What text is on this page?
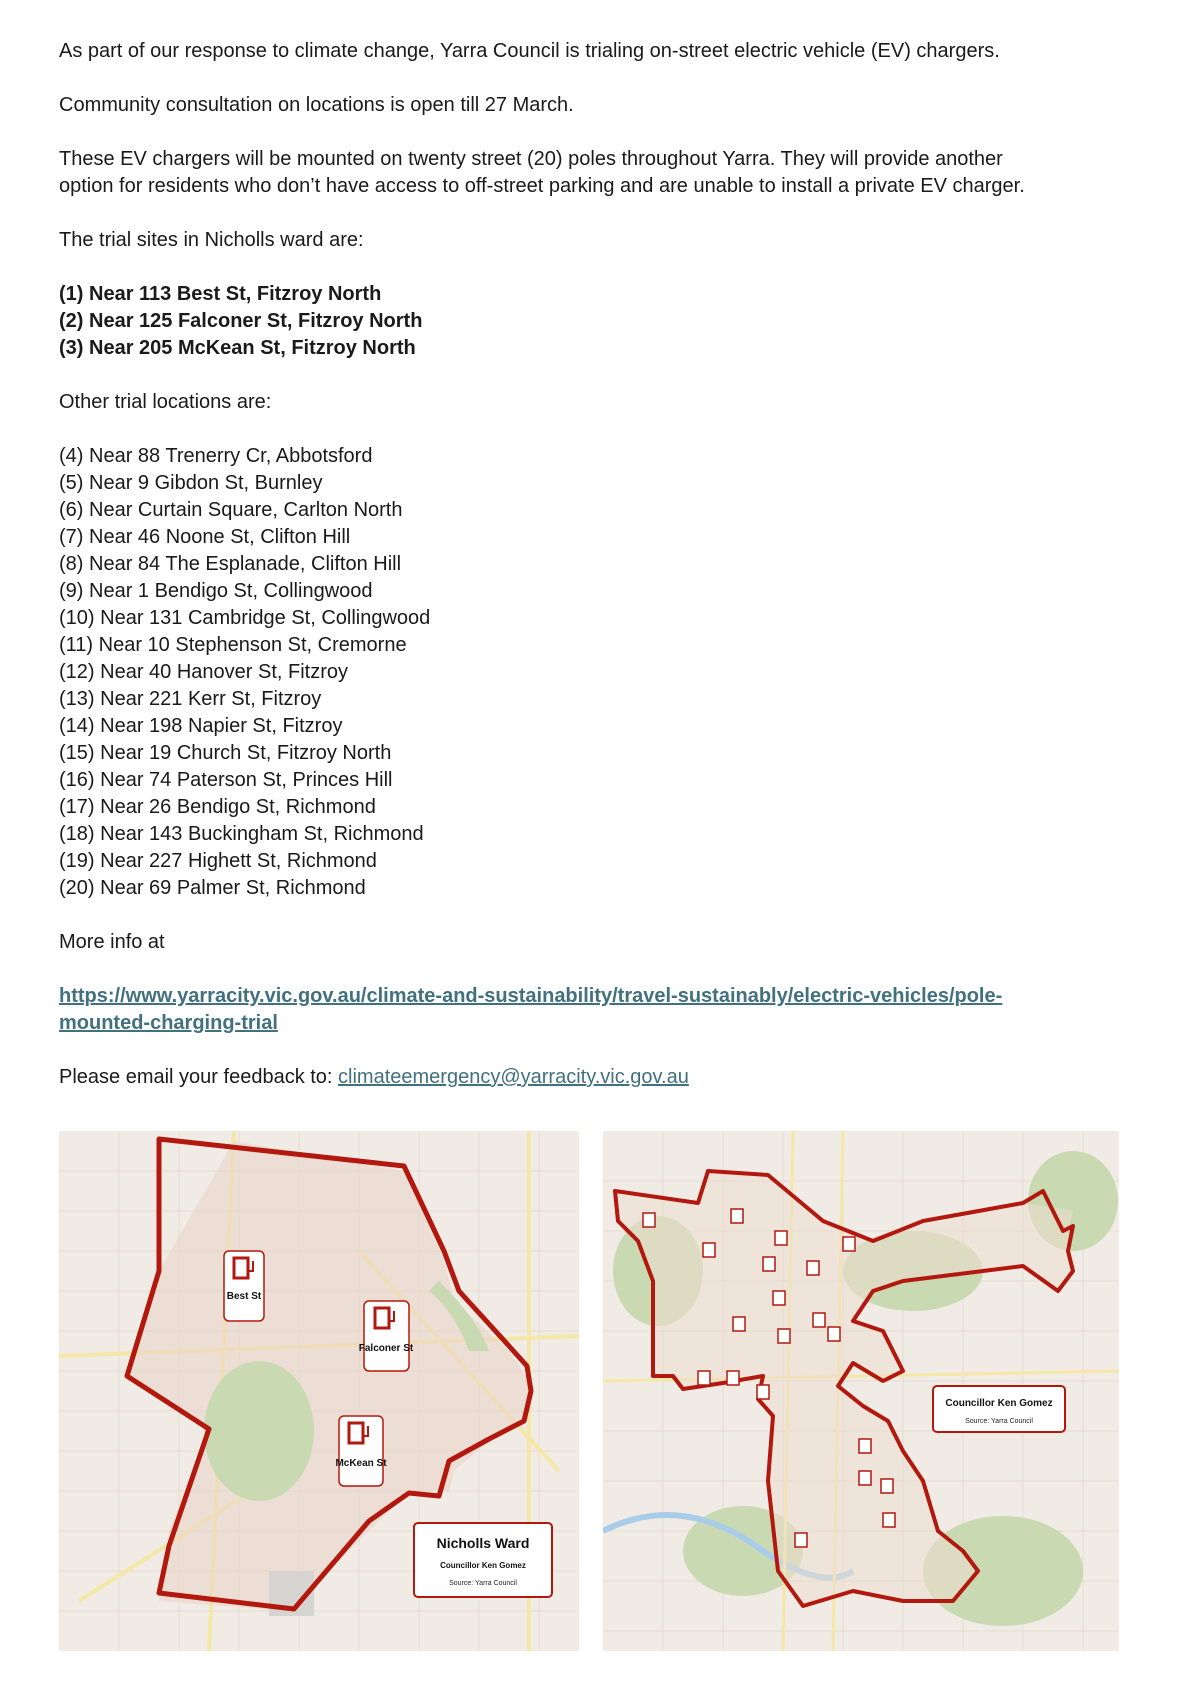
As part of our response to climate change, Yarra Council is trialing on-street electric vehicle (EV) chargers.

Community consultation on locations is open till 27 March.

These EV chargers will be mounted on twenty street (20) poles throughout Yarra. They will provide another
option for residents who don’t have access to off-street parking and are unable to install a private EV charger.

The trial sites in Nicholls ward are:

(1) Near 113 Best St, Fitzroy North
(2) Near 125 Falconer St, Fitzroy North
(3) Near 205 McKean St, Fitzroy North

Other trial locations are:

(4) Near 88 Trenerry Cr, Abbotsford
(5) Near 9 Gibdon St, Burnley
(6) Near Curtain Square, Carlton North
(7) Near 46 Noone St, Clifton Hill
(8) Near 84 The Esplanade, Clifton Hill
(9) Near 1 Bendigo St, Collingwood
(10) Near 131 Cambridge St, Collingwood
(11) Near 10 Stephenson St, Cremorne
(12) Near 40 Hanover St, Fitzroy
(13) Near 221 Kerr St, Fitzroy
(14) Near 198 Napier St, Fitzroy
(15) Near 19 Church St, Fitzroy North
(16) Near 74 Paterson St, Princes Hill
(17) Near 26 Bendigo St, Richmond
(18) Near 143 Buckingham St, Richmond
(19) Near 227 Highett St, Richmond
(20) Near 69 Palmer St, Richmond

More info at

https://www.yarracity.vic.gov.au/climate-and-sustainability/travel-sustainably/electric-vehicles/pole-
mounted-charging-trial

Please email your feedback to: climateemergency@yarracity.vic.gov.au

Best St
Falconer St
McKean St
Nicholls Ward
Councillor Ken Gomez
Source: Yarra Council
Councillor Ken Gomez
Source: Yarra Council
